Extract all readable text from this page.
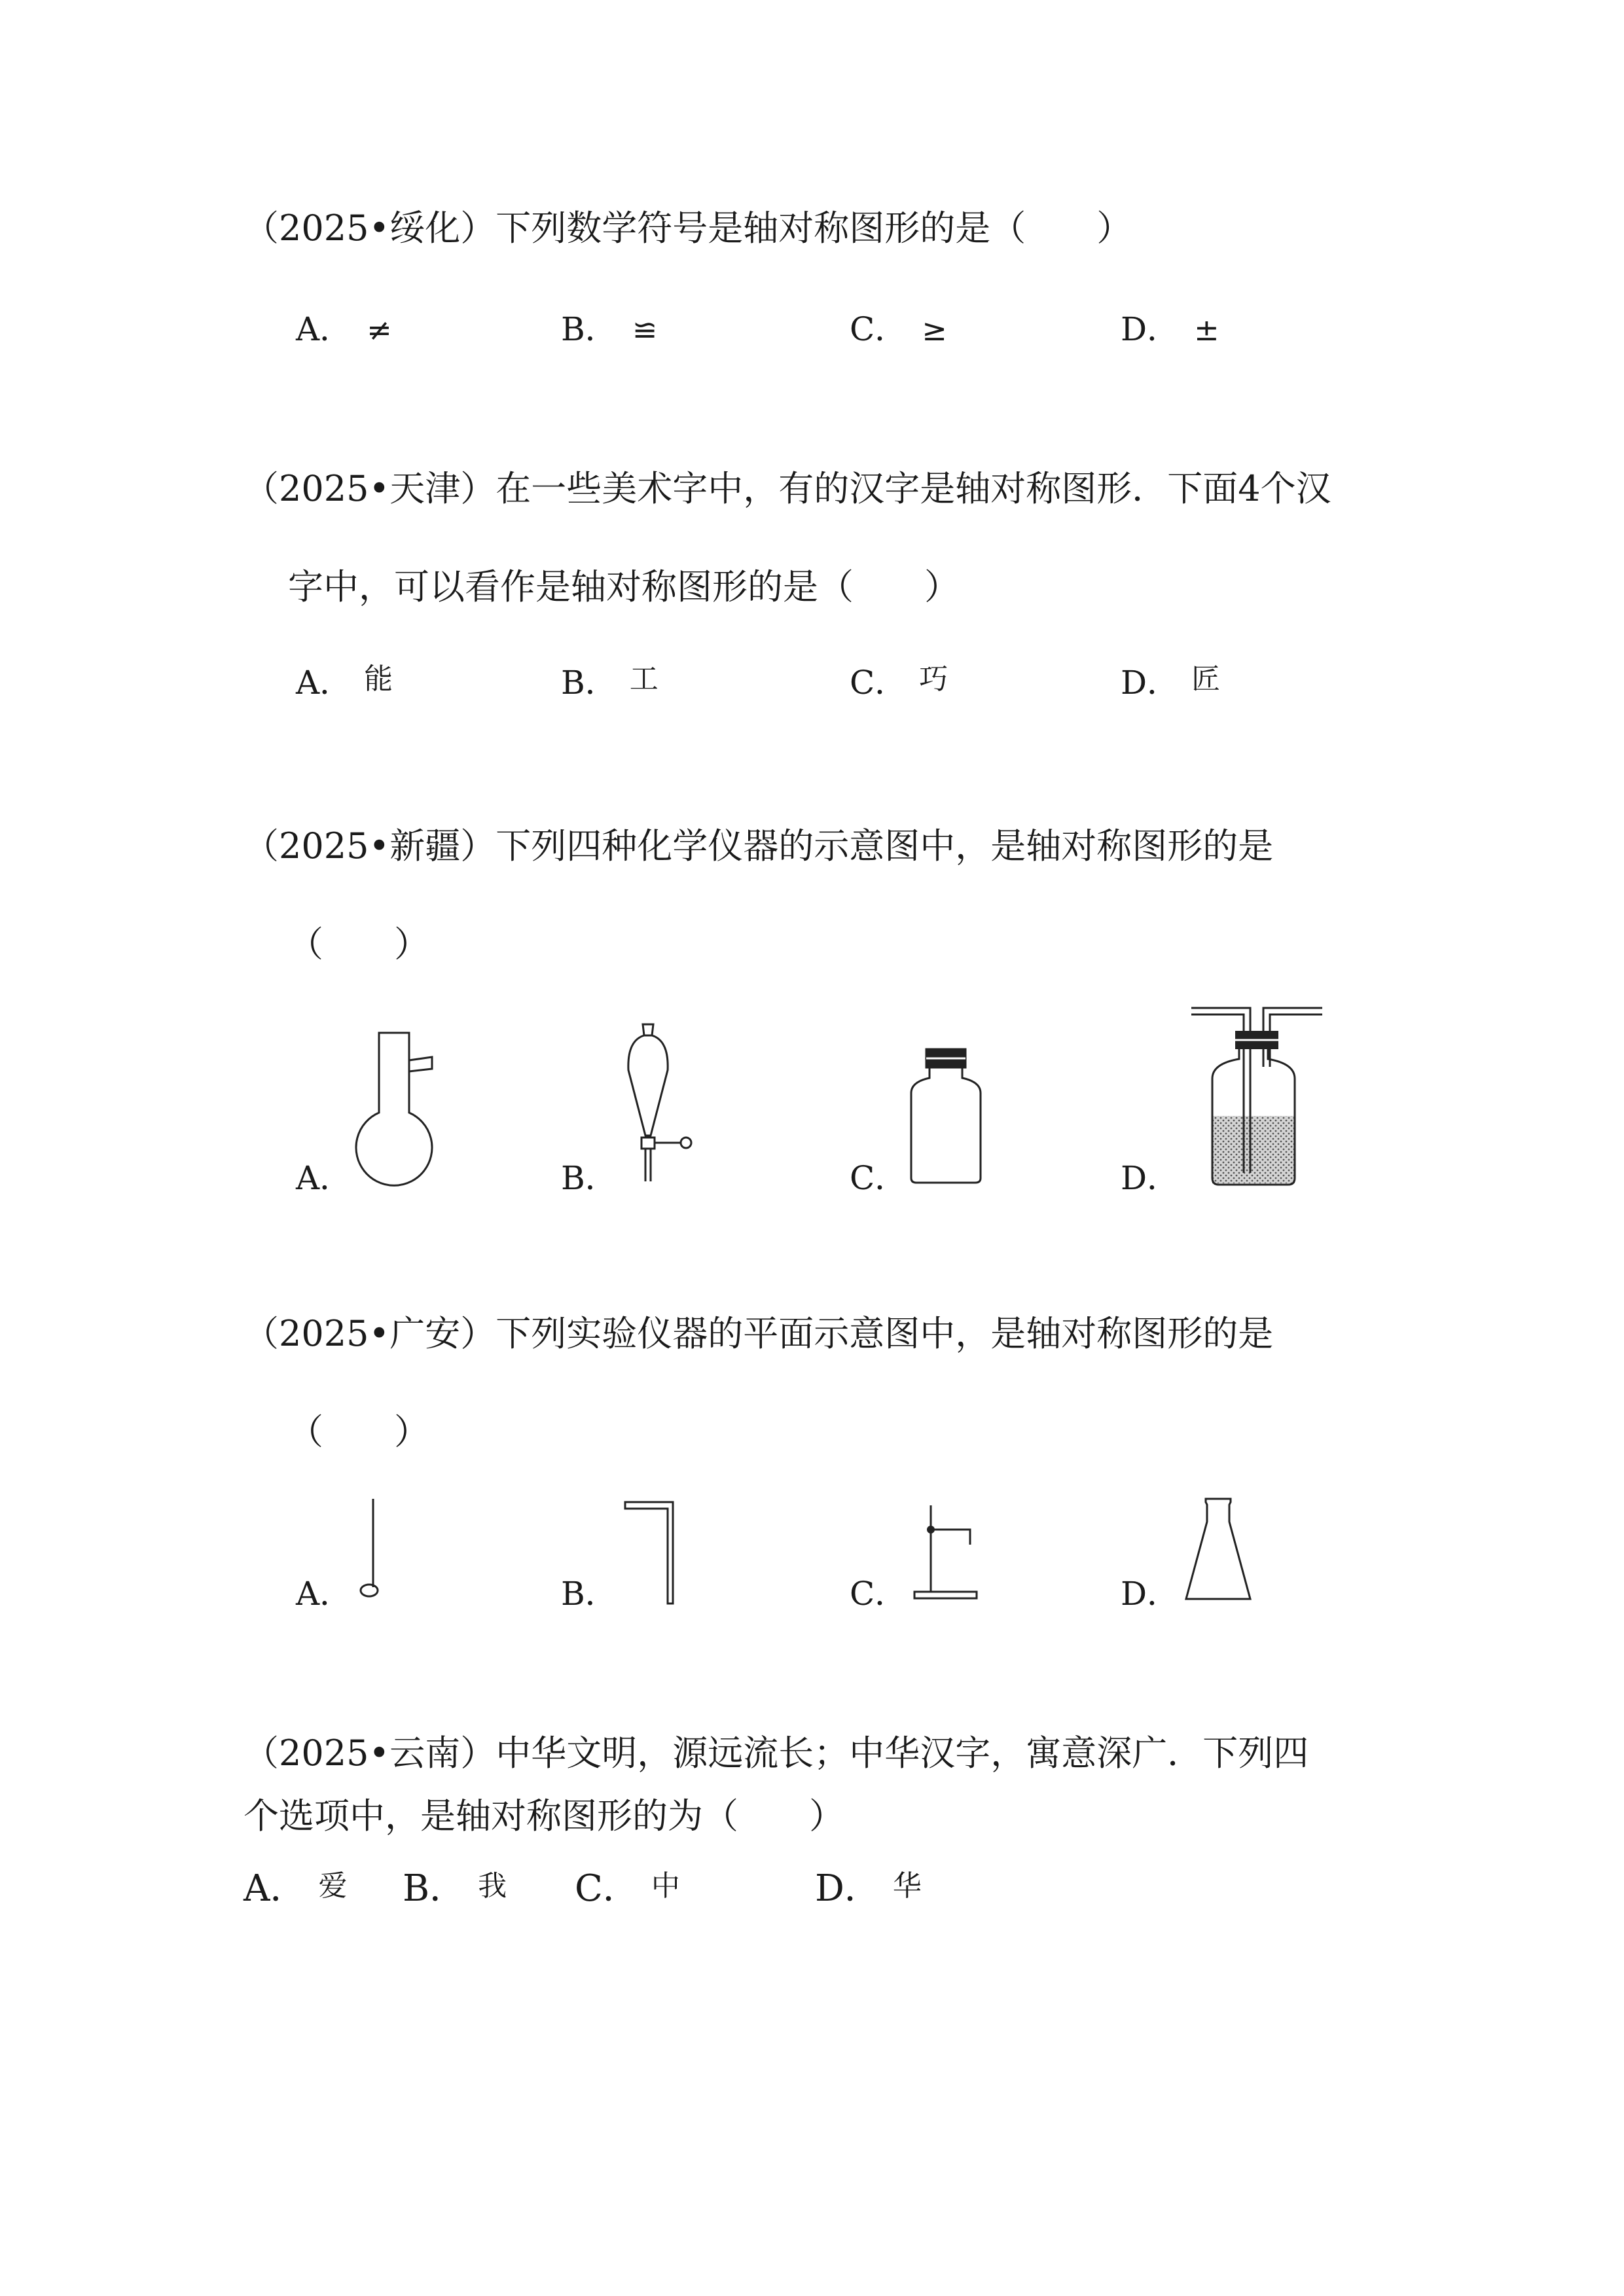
（2025•绥化）下列数学符号是轴对称图形的是（　　）
A． ≠	B． ≌	C． ≥	D． ±
（2025•天津）在一些美术字中，有的汉字是轴对称图形．下面4个汉
字中，可以看作是轴对称图形的是（　　）
A． 能	B． 工	C． 巧	D． 匠
（2025•新疆）下列四种化学仪器的示意图中，是轴对称图形的是
（　　）
A．	B．	C．	D．
（2025•广安）下列实验仪器的平面示意图中，是轴对称图形的是
（　　）
A．	B．	C．	D．
（2025•云南）中华文明，源远流长；中华汉字，寓意深广．下列四
个选项中，是轴对称图形的为（　　）
A． 爱 B． 我 C． 中	D． 华
